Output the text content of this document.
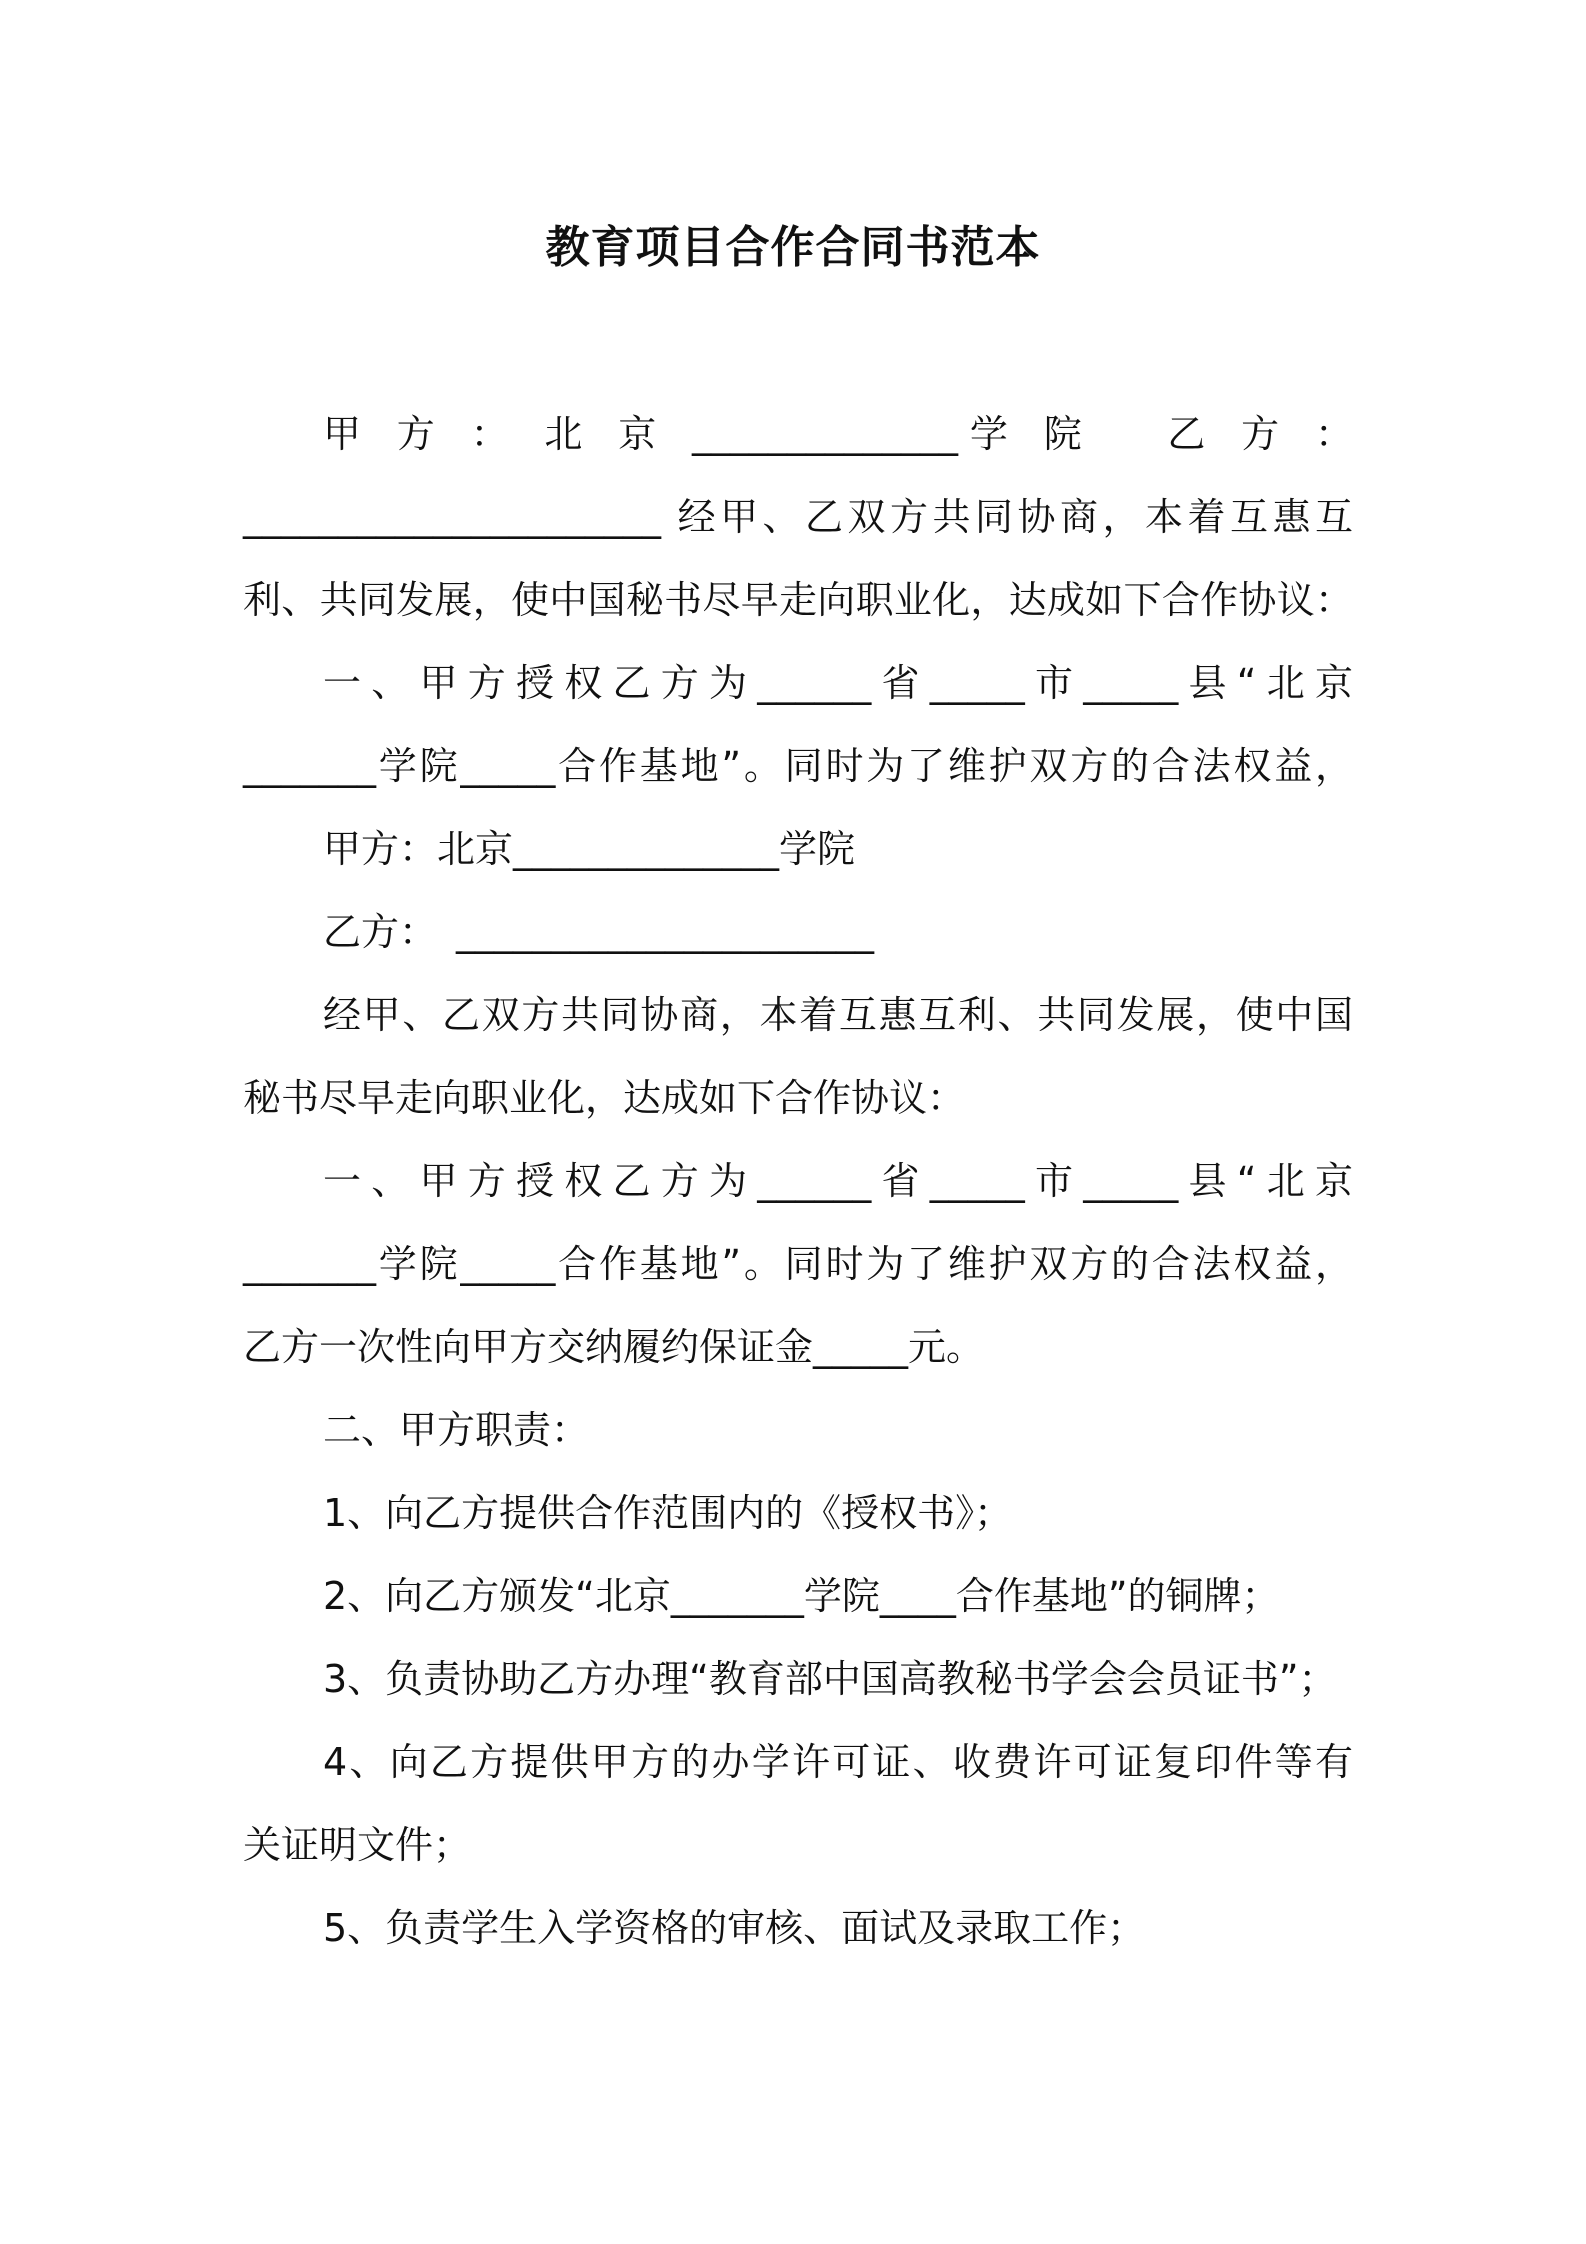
教育项目合作合同书范本
甲 方 ： 北 京 ______________学 院　 乙 方 ：
______________________ 经甲、乙双方共同协商，本着互惠互
利、共同发展，使中国秘书尽早走向职业化，达成如下合作协议：
一、甲方授权乙方为______省_____市_____县“北京
_______学院_____合作基地”。同时为了维护双方的合法权益，
甲方：北京______________学院
乙方：　______________________
经甲、乙双方共同协商，本着互惠互利、共同发展，使中国
秘书尽早走向职业化，达成如下合作协议：
一、甲方授权乙方为______省_____市_____县“北京
_______学院_____合作基地”。同时为了维护双方的合法权益，
乙方一次性向甲方交纳履约保证金_____元。
二、甲方职责：
1、向乙方提供合作范围内的《授权书》；
2、向乙方颁发“北京_______学院____合作基地”的铜牌；
3、负责协助乙方办理“教育部中国高教秘书学会会员证书”；
4、向乙方提供甲方的办学许可证、收费许可证复印件等有
关证明文件；
5、负责学生入学资格的审核、面试及录取工作；
